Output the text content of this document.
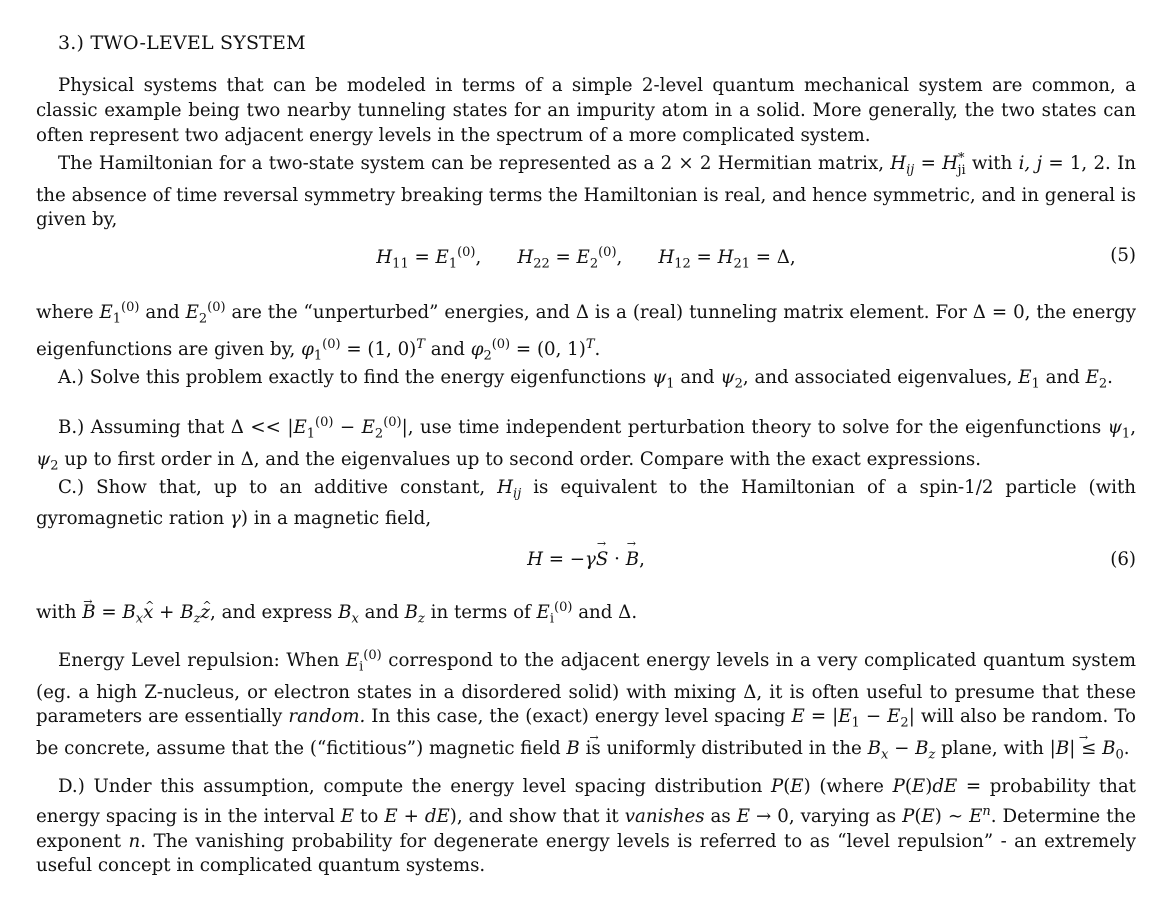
3.) TWO-LEVEL SYSTEM

Physical systems that can be modeled in terms of a simple 2-level quantum mechanical system are common, a classic example being two nearby tunneling states for an impurity atom in a solid. More generally, the two states can often represent two adjacent energy levels in the spectrum of a more complicated system.

The Hamiltonian for a two-state system can be represented as a 2 × 2 Hermitian matrix, $H_{ij} = H^*_{ji}$ with i, j = 1, 2. In the absence of time reversal symmetry breaking terms the Hamiltonian is real, and hence symmetric, and in general is given by,

$H_{11} = E_1^{(0)}$, $H_{22} = E_2^{(0)}$, $H_{12} = H_{21} = \Delta$,	(5)

where $E_1^{(0)}$ and $E_2^{(0)}$ are the “unperturbed” energies, and Δ is a (real) tunneling matrix element. For Δ = 0, the energy eigenfunctions are given by, $\varphi_1^{(0)} = (1$, 0)$^T$ and $\varphi_2^{(0)} = (0$, 1)$^T$.

A.) Solve this problem exactly to find the energy eigenfunctions $\psi_1$ and $\psi_2$, and associated eigenvalues, $E_1$ and $E_2$.

B.) Assuming that $\Delta << |E_1^{(0)} - E_2^{(0)}|$, use time independent perturbation theory to solve for the eigenfunctions $\psi_1$, $\psi_2$ up to first order in Δ, and the eigenvalues up to second order. Compare with the exact expressions.

C.) Show that, up to an additive constant, $H_{ij}$ is equivalent to the Hamiltonian of a spin-1/2 particle (with gyromagnetic ration γ) in a magnetic field,

H = −γ→ S · → B,	(6)

with → $B = B_x\^{}$ $x + B_z\^{}$ z, and express $B_x$ and $B_z$ in terms of $E_i^{(0)}$ and Δ.

Energy Level repulsion: When $E_i^{(0)}$ correspond to the adjacent energy levels in a very complicated quantum system (eg. a high Z-nucleus, or electron states in a disordered solid) with mixing Δ, it is often useful to presume that these parameters are essentially random. In this case, the (exact) energy level spacing $E = |E_1 - E_2|$ will also be random. To be concrete, assume that the (“fictitious”) magnetic field → B is uniformly distributed in the $B_x - B_z$ plane, with |→ $B| \le B_0$.

D.) Under this assumption, compute the energy level spacing distribution P(E) (where P(E)dE = probability that energy spacing is in the interval E to E + dE), and show that it vanishes as E → 0, varying as P(E) ∼ $E^n$. Determine the exponent n. The vanishing probability for degenerate energy levels is referred to as “level repulsion” - an extremely useful concept in complicated quantum systems.
